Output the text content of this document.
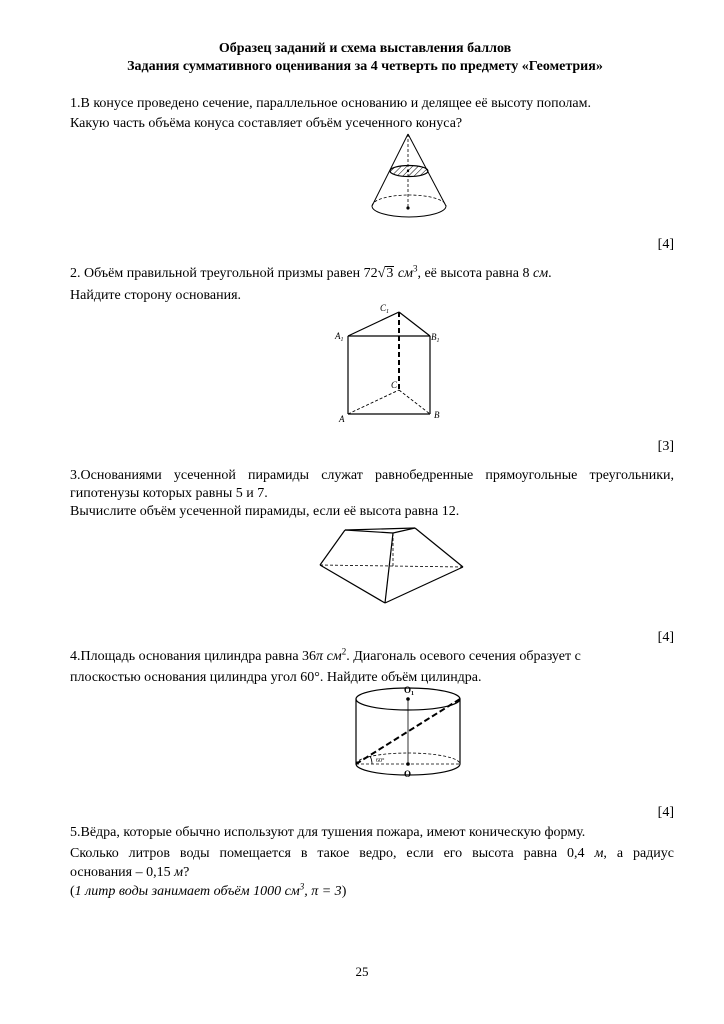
Образец заданий и схема выставления баллов
Задания суммативного оценивания за 4 четверть по предмету «Геометрия»
1.В конусе проведено сечение, параллельное основанию и делящее её высоту пополам.
Какую часть объёма конуса составляет объём усеченного конуса?
[4]
2. Объём правильной треугольной призмы равен 72√3 $см^3$, её высота равна 8 см.
Найдите сторону основания.
$C_1$
$A_1$	$B_1$
C
A	B
[3]
3.Основаниями усеченной пирамиды служат равнобедренные прямоугольные треугольники,
гипотенузы которых равны 5 и 7.
Вычислите объём усеченной пирамиды, если её высота равна 12.
[4]
4.Площадь основания цилиндра равна 36π $см^2$. Диагональ осевого сечения образует с
плоскостью основания цилиндра угол 60°. Найдите объём цилиндра.
$O_1$
O
60°
[4]
5.Вёдра, которые обычно используют для тушения пожара, имеют коническую форму.
Сколько литров воды помещается в такое ведро, если его высота равна 0,4 м, а радиус
основания – 0,15 м?
(1 литр воды занимает объём 1000 $см^3$, π = 3)
25
